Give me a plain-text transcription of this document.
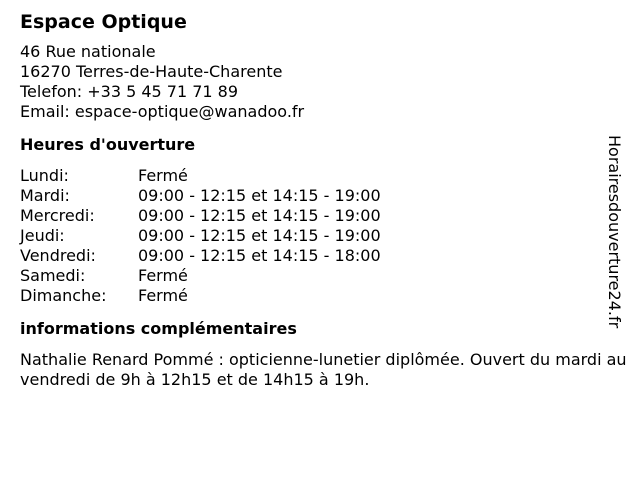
Espace Optique
46 Rue nationale
16270 Terres-de-Haute-Charente
Telefon: +33 5 45 71 71 89
Email: espace-optique@wanadoo.fr
Heures d'ouverture
Lundi:	Fermé
Mardi:	09:00 - 12:15 et 14:15 - 19:00
Mercredi:	09:00 - 12:15 et 14:15 - 19:00
Jeudi:	09:00 - 12:15 et 14:15 - 19:00
Vendredi:	09:00 - 12:15 et 14:15 - 18:00
Samedi:	Fermé
Dimanche: Fermé
informations complémentaires

Nathalie Renard Pommé : opticienne-lunetier diplômée. Ouvert du mardi au vendredi de 9h à 12h15 et de 14h15 à 19h.

Horairesdouverture24.fr
